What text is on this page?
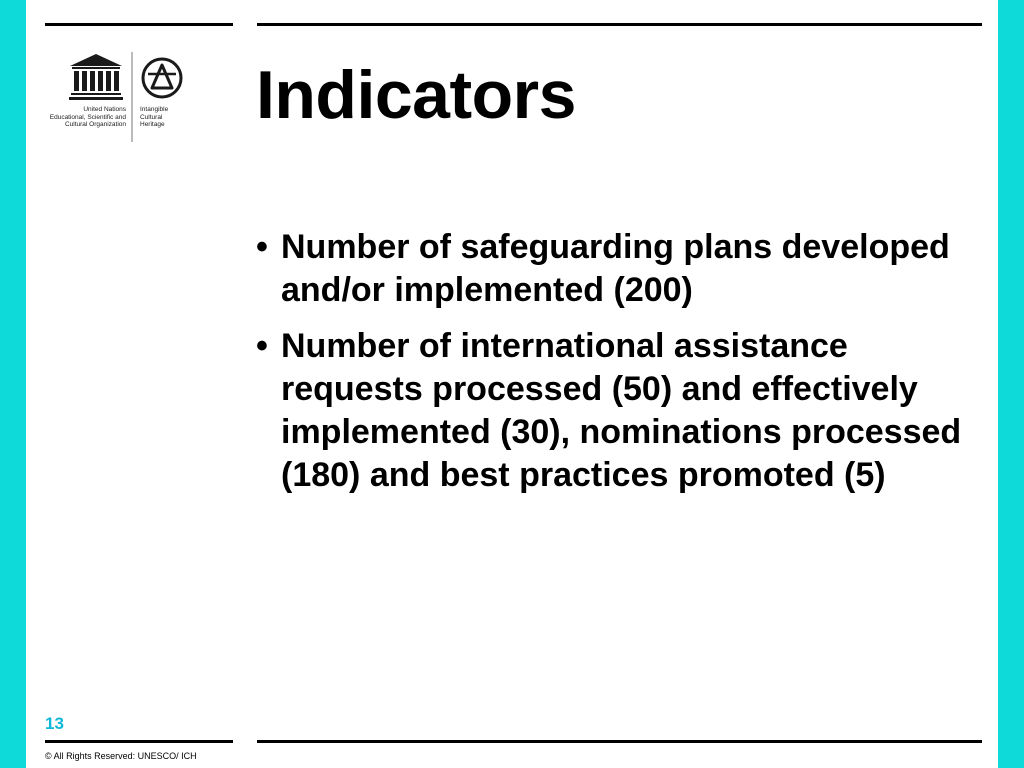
United Nations
Educational, Scientific and
Cultural Organization
Intangible
Cultural
Heritage	Indicators
• Number of safeguarding plans developed and/or implemented (200)
• Number of international assistance requests processed (50) and effectively implemented (30), nominations processed (180) and best practices promoted (5)
13
© All Rights Reserved: UNESCO/ ICH
